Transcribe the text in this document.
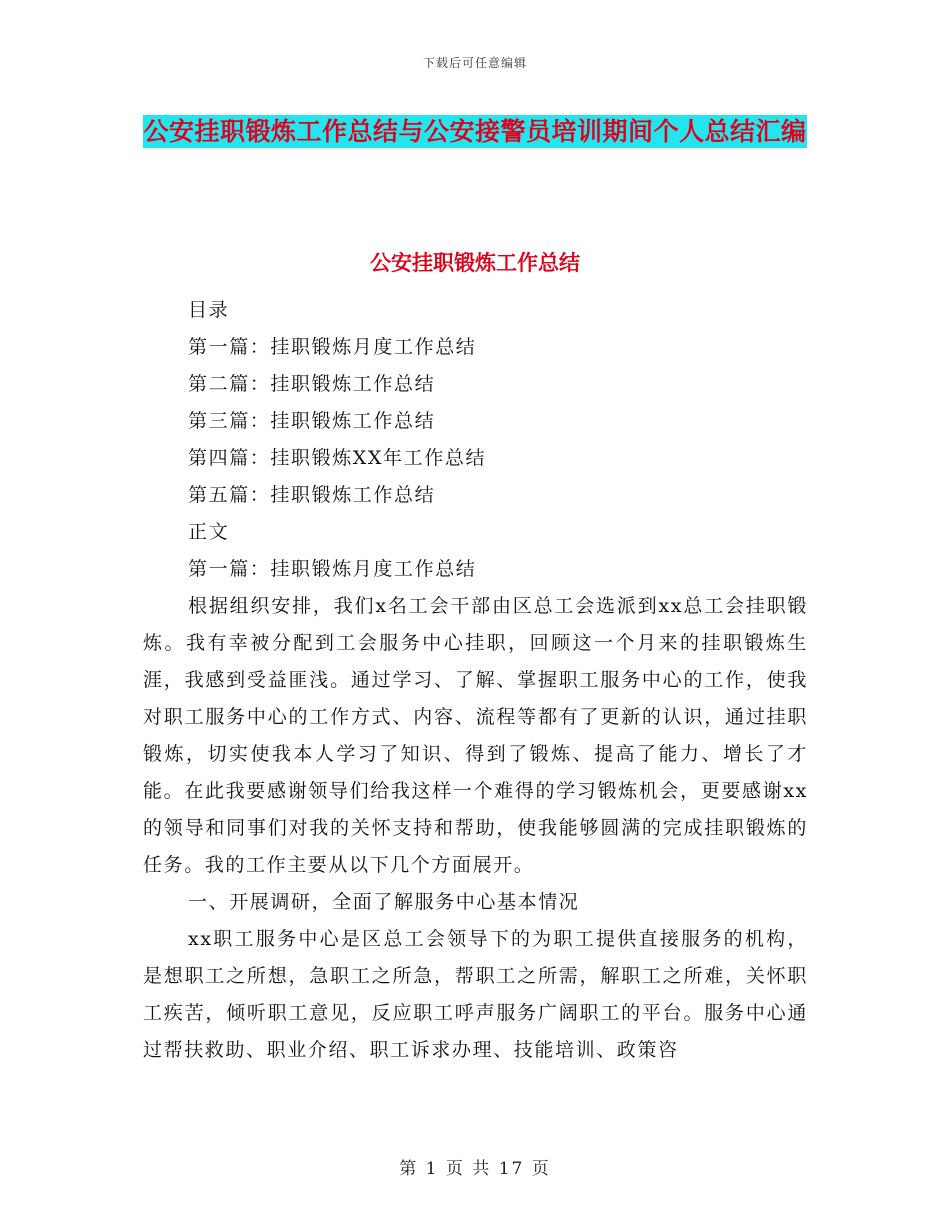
下载后可任意编辑
公安挂职锻炼工作总结与公安接警员培训期间个人总结汇编
公安挂职锻炼工作总结

目录

第一篇：挂职锻炼月度工作总结

第二篇：挂职锻炼工作总结

第三篇：挂职锻炼工作总结

第四篇：挂职锻炼XX年工作总结

第五篇：挂职锻炼工作总结

正文

第一篇：挂职锻炼月度工作总结

根据组织安排，我们x名工会干部由区总工会选派到xx总工会挂职锻炼。我有幸被分配到工会服务中心挂职，回顾这一个月来的挂职锻炼生涯，我感到受益匪浅。通过学习、了解、掌握职工服务中心的工作，使我对职工服务中心的工作方式、内容、流程等都有了更新的认识，通过挂职锻炼，切实使我本人学习了知识、得到了锻炼、提高了能力、增长了才能。在此我要感谢领导们给我这样一个难得的学习锻炼机会，更要感谢xx的领导和同事们对我的关怀支持和帮助，使我能够圆满的完成挂职锻炼的任务。我的工作主要从以下几个方面展开。

一、开展调研，全面了解服务中心基本情况

xx职工服务中心是区总工会领导下的为职工提供直接服务的机构，是想职工之所想，急职工之所急，帮职工之所需，解职工之所难，关怀职工疾苦，倾听职工意见，反应职工呼声服务广阔职工的平台。服务中心通过帮扶救助、职业介绍、职工诉求办理、技能培训、政策咨

第 1 页 共 17 页
